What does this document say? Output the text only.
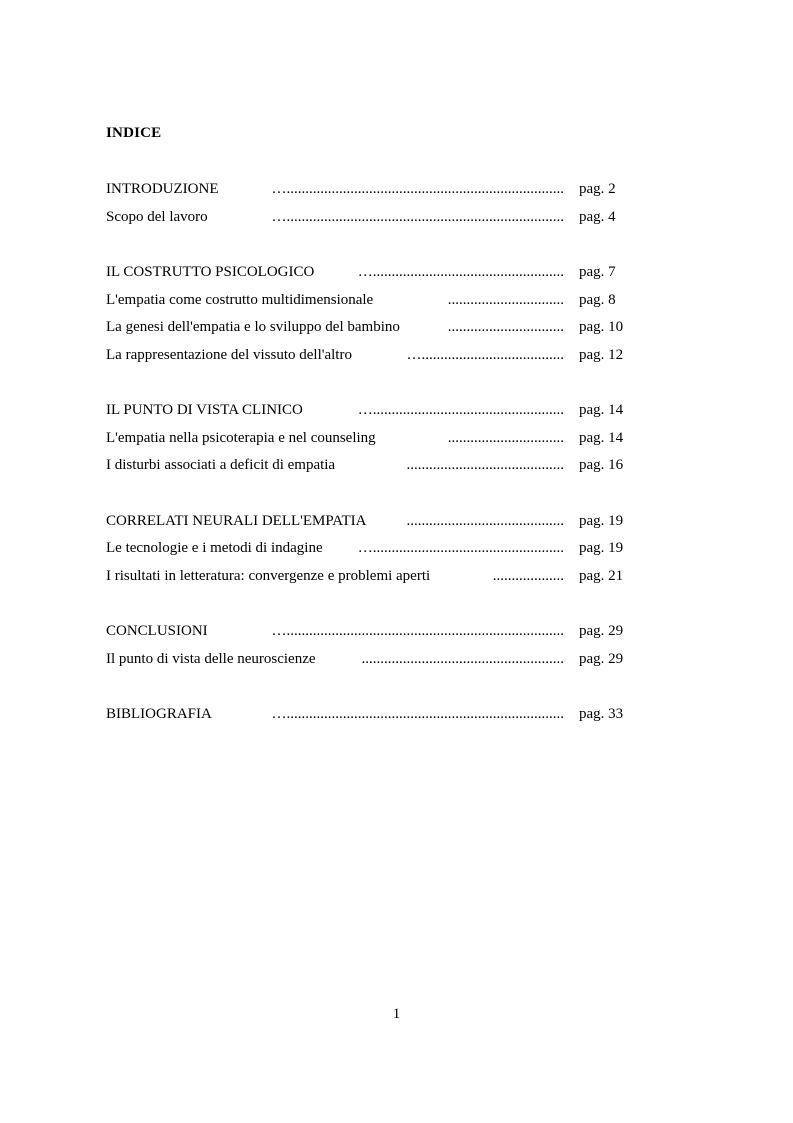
INDICE
INTRODUZIONE	….......................................................................... pag. 2
Scopo del lavoro	….......................................................................... pag. 4
IL COSTRUTTO PSICOLOGICO	…................................................... pag. 7
L'empatia come costrutto multidimensionale	............................... pag. 8
La genesi dell'empatia e lo sviluppo del bambino	............................... pag. 10
La rappresentazione del vissuto dell'altro	…...................................... pag. 12
IL PUNTO DI VISTA CLINICO	…................................................... pag. 14
L'empatia nella psicoterapia e nel counseling	............................... pag. 14
I disturbi associati a deficit di empatia	.......................................... pag. 16
CORRELATI NEURALI DELL'EMPATIA	.......................................... pag. 19
Le tecnologie e i metodi di indagine	…................................................... pag. 19
I risultati in letteratura: convergenze e problemi aperti	................... pag. 21
CONCLUSIONI	….......................................................................... pag. 29
Il punto di vista delle neuroscienze	...................................................... pag. 29
BIBLIOGRAFIA	….......................................................................... pag. 33
1
